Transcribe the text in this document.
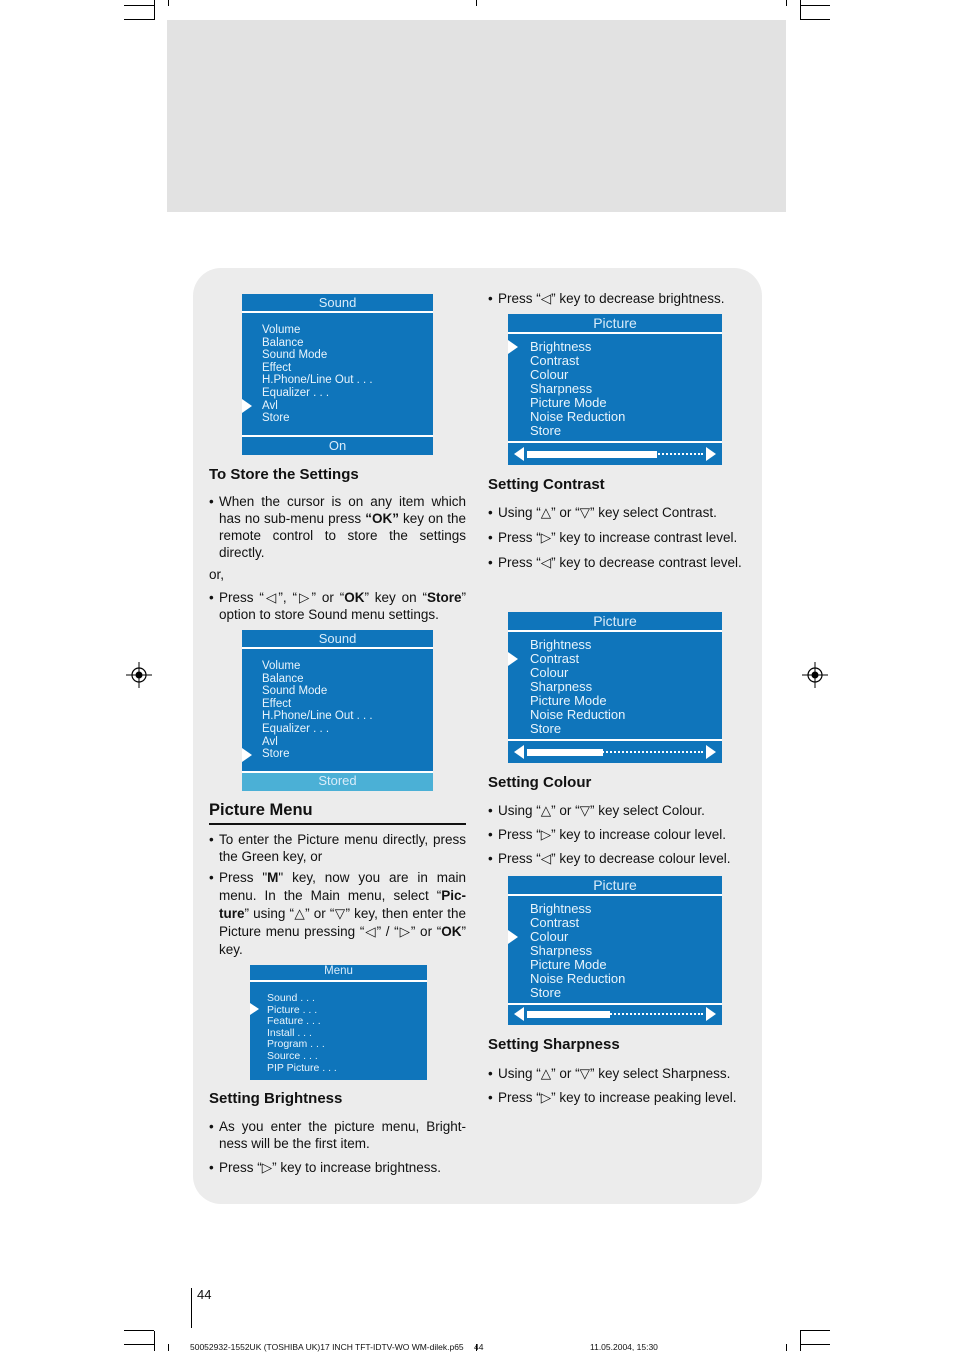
Sound
Volume
Balance
Sound Mode
Effect
H.Phone/Line Out . . .
Equalizer . . .
Avl
Store
On

To Store the Settings

• When the cursor is on any item which has no sub-menu press “OK” key on the remote control to store the settings directly.

or,

• Press “◁”, “▷” or “OK” key on “Store” option to store Sound menu settings.

Sound
Volume
Balance
Sound Mode
Effect
H.Phone/Line Out . . .
Equalizer . . .
Avl
Store
Stored

Picture Menu

• To enter the Picture menu directly, press the Green key, or

• Press "M" key, now you are in main menu. In the Main menu, select “Pic-ture” using “△” or “▽” key, then enter the Picture menu pressing “◁” / “▷” or “OK” key.

Menu
Sound . . .
Picture . . .
Feature . . .
Install . . .
Program . . .
Source . . .
PIP Picture . . .

Setting Brightness

• As you enter the picture menu, Bright-ness will be the first item.

• Press “▷” key to increase brightness.

• Press “◁” key to decrease brightness.

Picture
Brightness
Contrast
Colour
Sharpness
Picture Mode
Noise Reduction
Store

Setting Contrast

• Using “△” or “▽” key select Contrast.

• Press “▷” key to increase contrast level.

• Press “◁” key to decrease contrast level.

Picture
Brightness
Contrast
Colour
Sharpness
Picture Mode
Noise Reduction
Store

Setting Colour

• Using “△” or “▽” key select Colour.

• Press “▷” key to increase colour level.

• Press “◁” key to decrease colour level.

Picture
Brightness
Contrast
Colour
Sharpness
Picture Mode
Noise Reduction
Store

Setting Sharpness

• Using “△” or “▽” key select Sharpness.

• Press “▷” key to increase peaking level.

44
50052932-1552UK (TOSHIBA UK)17 INCH TFT-IDTV-WO WM-dilek.p65 44	11.05.2004, 15:30
